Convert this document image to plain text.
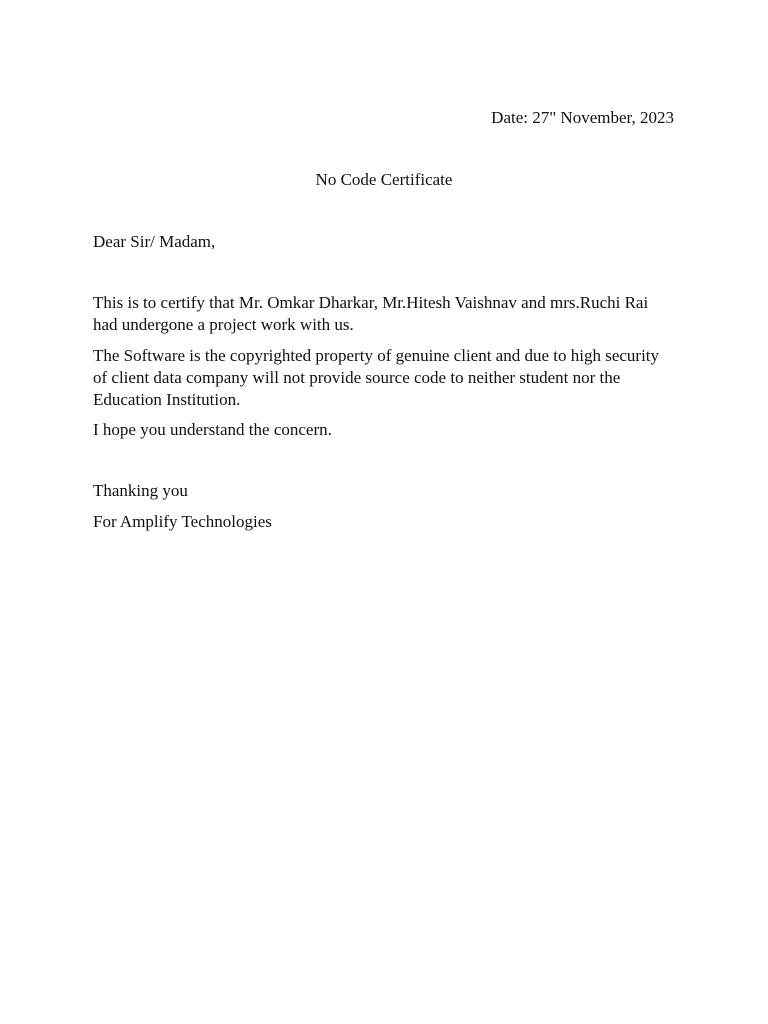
Date: 27" November, 2023
No Code Certificate

Dear Sir/ Madam,

This is to certify that Mr. Omkar Dharkar, Mr.Hitesh Vaishnav and mrs.Ruchi Rai had undergone a project work with us.

The Software is the copyrighted property of genuine client and due to high security of client data company will not provide source code to neither student nor the Education Institution.

I hope you understand the concern.

Thanking you

For Amplify Technologies
